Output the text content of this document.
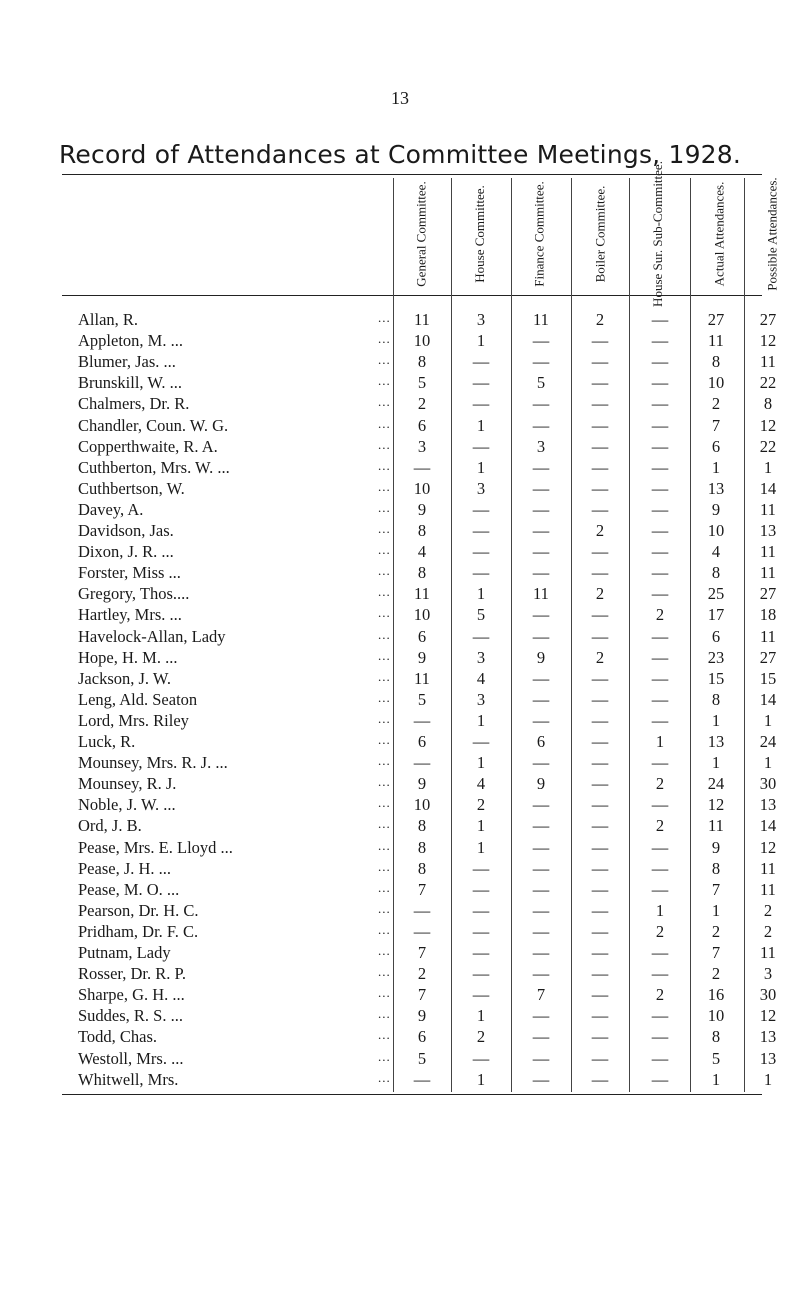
13
Record of Attendances at Committee Meetings, 1928.
General Committee.	House Committee.	Finance Committee.	Boiler Committee.	House Sur. Sub-Committee.	Actual Attendances.	Possible Attendances.
Allan, R.	...	11	3	11	2	—	27	27
Appleton, M. ...	...	10	1	—	—	—	11	12
Blumer, Jas. ...	...	8	—	—	—	—	8	11
Brunskill, W. ...	...	5	—	5	—	—	10	22
Chalmers, Dr. R.	...	2	—	—	—	—	2	8
Chandler, Coun. W. G.	...	6	1	—	—	—	7	12
Copperthwaite, R. A.	...	3	—	3	—	—	6	22
Cuthberton, Mrs. W. ...	...	—	1	—	—	—	1	1
Cuthbertson, W.	...	10	3	—	—	—	13	14
Davey, A.	...	9	—	—	—	—	9	11
Davidson, Jas.	...	8	—	—	2	—	10	13
Dixon, J. R. ...	...	4	—	—	—	—	4	11
Forster, Miss ...	...	8	—	—	—	—	8	11
Gregory, Thos....	...	11	1	11	2	—	25	27
Hartley, Mrs. ...	...	10	5	—	—	2	17	18
Havelock-Allan, Lady	...	6	—	—	—	—	6	11
Hope, H. M. ...	...	9	3	9	2	—	23	27
Jackson, J. W.	...	11	4	—	—	—	15	15
Leng, Ald. Seaton	...	5	3	—	—	—	8	14
Lord, Mrs. Riley	...	—	1	—	—	—	1	1
Luck, R.	...	6	—	6	—	1	13	24
Mounsey, Mrs. R. J. ...	...	—	1	—	—	—	1	1
Mounsey, R. J.	...	9	4	9	—	2	24	30
Noble, J. W. ...	...	10	2	—	—	—	12	13
Ord, J. B.	...	8	1	—	—	2	11	14
Pease, Mrs. E. Lloyd ...	...	8	1	—	—	—	9	12
Pease, J. H. ...	...	8	—	—	—	—	8	11
Pease, M. O. ...	...	7	—	—	—	—	7	11
Pearson, Dr. H. C.	...	—	—	—	—	1	1	2
Pridham, Dr. F. C.	...	—	—	—	—	2	2	2
Putnam, Lady	...	7	—	—	—	—	7	11
Rosser, Dr. R. P.	...	2	—	—	—	—	2	3
Sharpe, G. H. ...	...	7	—	7	—	2	16	30
Suddes, R. S. ...	...	9	1	—	—	—	10	12
Todd, Chas.	...	6	2	—	—	—	8	13
Westoll, Mrs. ...	...	5	—	—	—	—	5	13
Whitwell, Mrs.	...	—	1	—	—	—	1	1
